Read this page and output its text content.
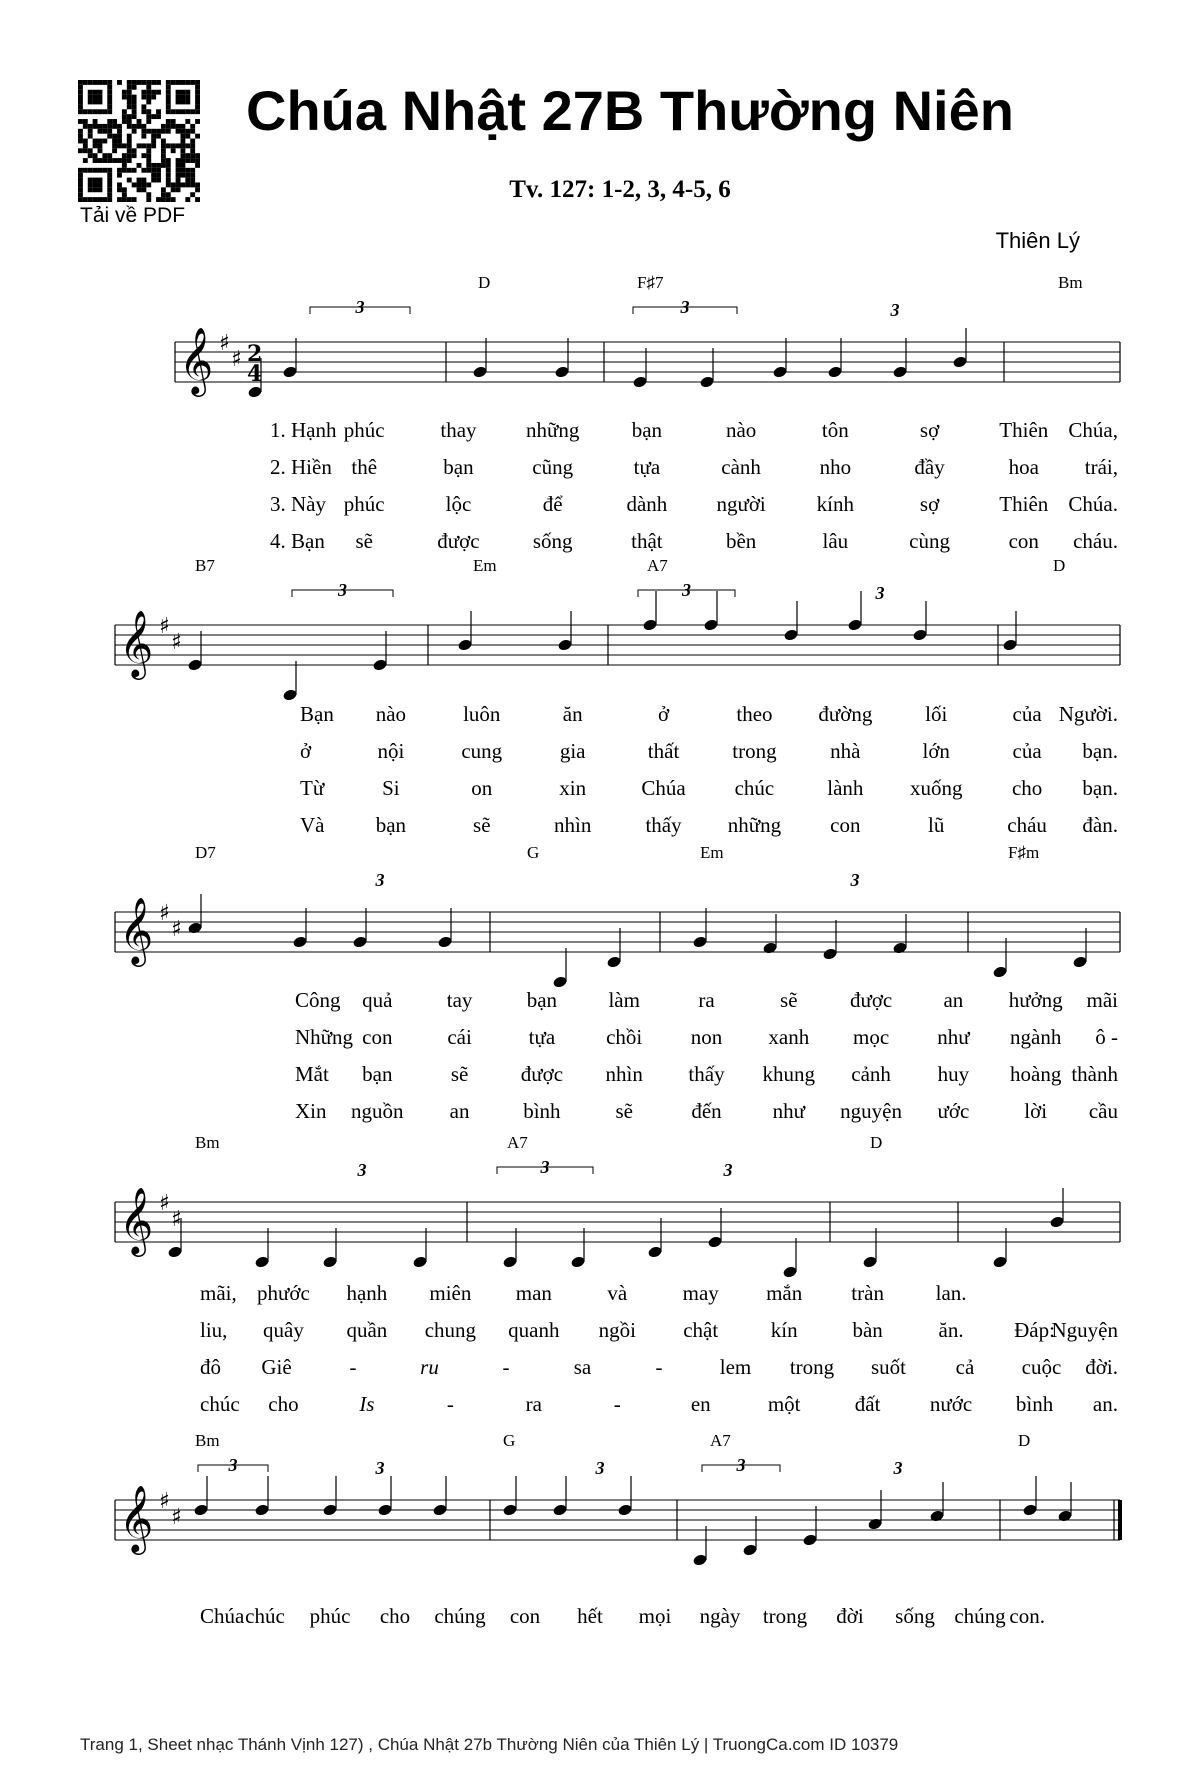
Tải về PDF
Chúa Nhật 27B Thường Niên
Tv. 127: 1-2, 3, 4-5, 6
Thiên Lý
𝄞 ♯
♯ 2
4
3	3	3
D	F♯7	Bm
1. Hạnh phúc	thay những bạn	nào	tôn	sợ	Thiên Chúa,
2. Hiền thê	bạn	cũng	tựa	cành	nho	đầy	hoa trái,
3. Này phúc	lộc	để	dành người kính	sợ	Thiên Chúa.
4. Bạn sẽ	được	sống	thật	bền	lâu	cùng	con cháu.
𝄞 ♯
♯
3	3	3
B7	Em	A7	D
Bạn nào	luôn	ăn	ở	theo đường	lối	của Người.
ở	nội	cung	gia	thất	trong	nhà	lớn	của bạn.
Từ	Si	on	xin	Chúa chúc	lành xuống cho bạn.
Và bạn	sẽ	nhìn	thấy những con	lũ	cháu đàn.
𝄞 ♯
♯
3	3
D7	G	Em	F♯m
Công quả	tay	bạn làm	ra	sẽ được an hưởng mãi
Những con	cái	tựa chồi non xanh mọc như ngành ô -
Mắt bạn	sẽ được nhìn thấy khung cảnh huy hoàng thành
Xin nguồn an	bình	sẽ	đến như nguyện ước	lời cầu
𝄞 ♯
♯
3
3	3
Bm	A7	D
mãi, phước hạnh miên man	và	may mắn tràn lan.
liu, quây quần chung quanh ngồi chật	kín	bàn	ăn. Đáp:
Nguyện
đô Giê	-	ru	-	sa	-	lem trong suốt cả cuộc đời.
chúc cho	Is	-	ra	-	en	một	đất nước bình an.
𝄞 ♯
♯
3	3
3	3	3
Bm	G	A7	D
Chúa chúc phúc cho chúng con hết mọi ngày trong đời sống chúng con.
Trang 1, Sheet nhạc Thánh Vịnh 127) , Chúa Nhật 27b Thường Niên của Thiên Lý | TruongCa.com ID 10379
